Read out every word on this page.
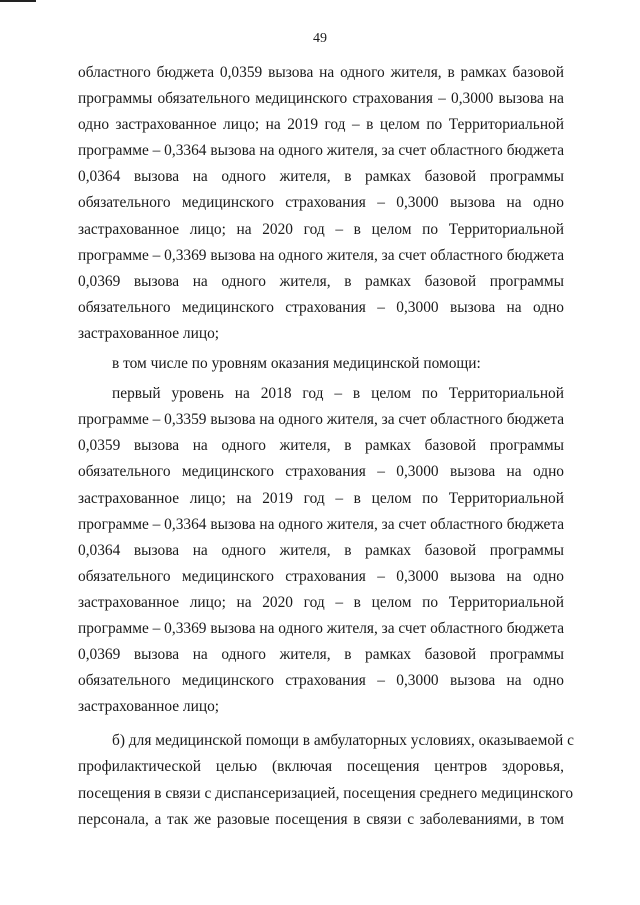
49
областного бюджета 0,0359 вызова на одного жителя, в рамках базовой
программы обязательного медицинского страхования – 0,3000 вызова на
одно застрахованное лицо; на 2019 год – в целом по Территориальной
программе – 0,3364 вызова на одного жителя, за счет областного бюджета
0,0364 вызова на одного жителя, в рамках базовой программы
обязательного медицинского страхования – 0,3000 вызова на одно
застрахованное лицо; на 2020 год – в целом по Территориальной
программе – 0,3369 вызова на одного жителя, за счет областного бюджета
0,0369 вызова на одного жителя, в рамках базовой программы
обязательного медицинского страхования – 0,3000 вызова на одно
застрахованное лицо;
в том числе по уровням оказания медицинской помощи:
первый уровень на 2018 год – в целом по Территориальной
программе – 0,3359 вызова на одного жителя, за счет областного бюджета
0,0359 вызова на одного жителя, в рамках базовой программы
обязательного медицинского страхования – 0,3000 вызова на одно
застрахованное лицо; на 2019 год – в целом по Территориальной
программе – 0,3364 вызова на одного жителя, за счет областного бюджета
0,0364 вызова на одного жителя, в рамках базовой программы
обязательного медицинского страхования – 0,3000 вызова на одно
застрахованное лицо; на 2020 год – в целом по Территориальной
программе – 0,3369 вызова на одного жителя, за счет областного бюджета
0,0369 вызова на одного жителя, в рамках базовой программы
обязательного медицинского страхования – 0,3000 вызова на одно
застрахованное лицо;
б) для медицинской помощи в амбулаторных условиях, оказываемой с
профилактической целью (включая посещения центров здоровья,
посещения в связи с диспансеризацией, посещения среднего медицинского
персонала, а так же разовые посещения в связи с заболеваниями, в том
